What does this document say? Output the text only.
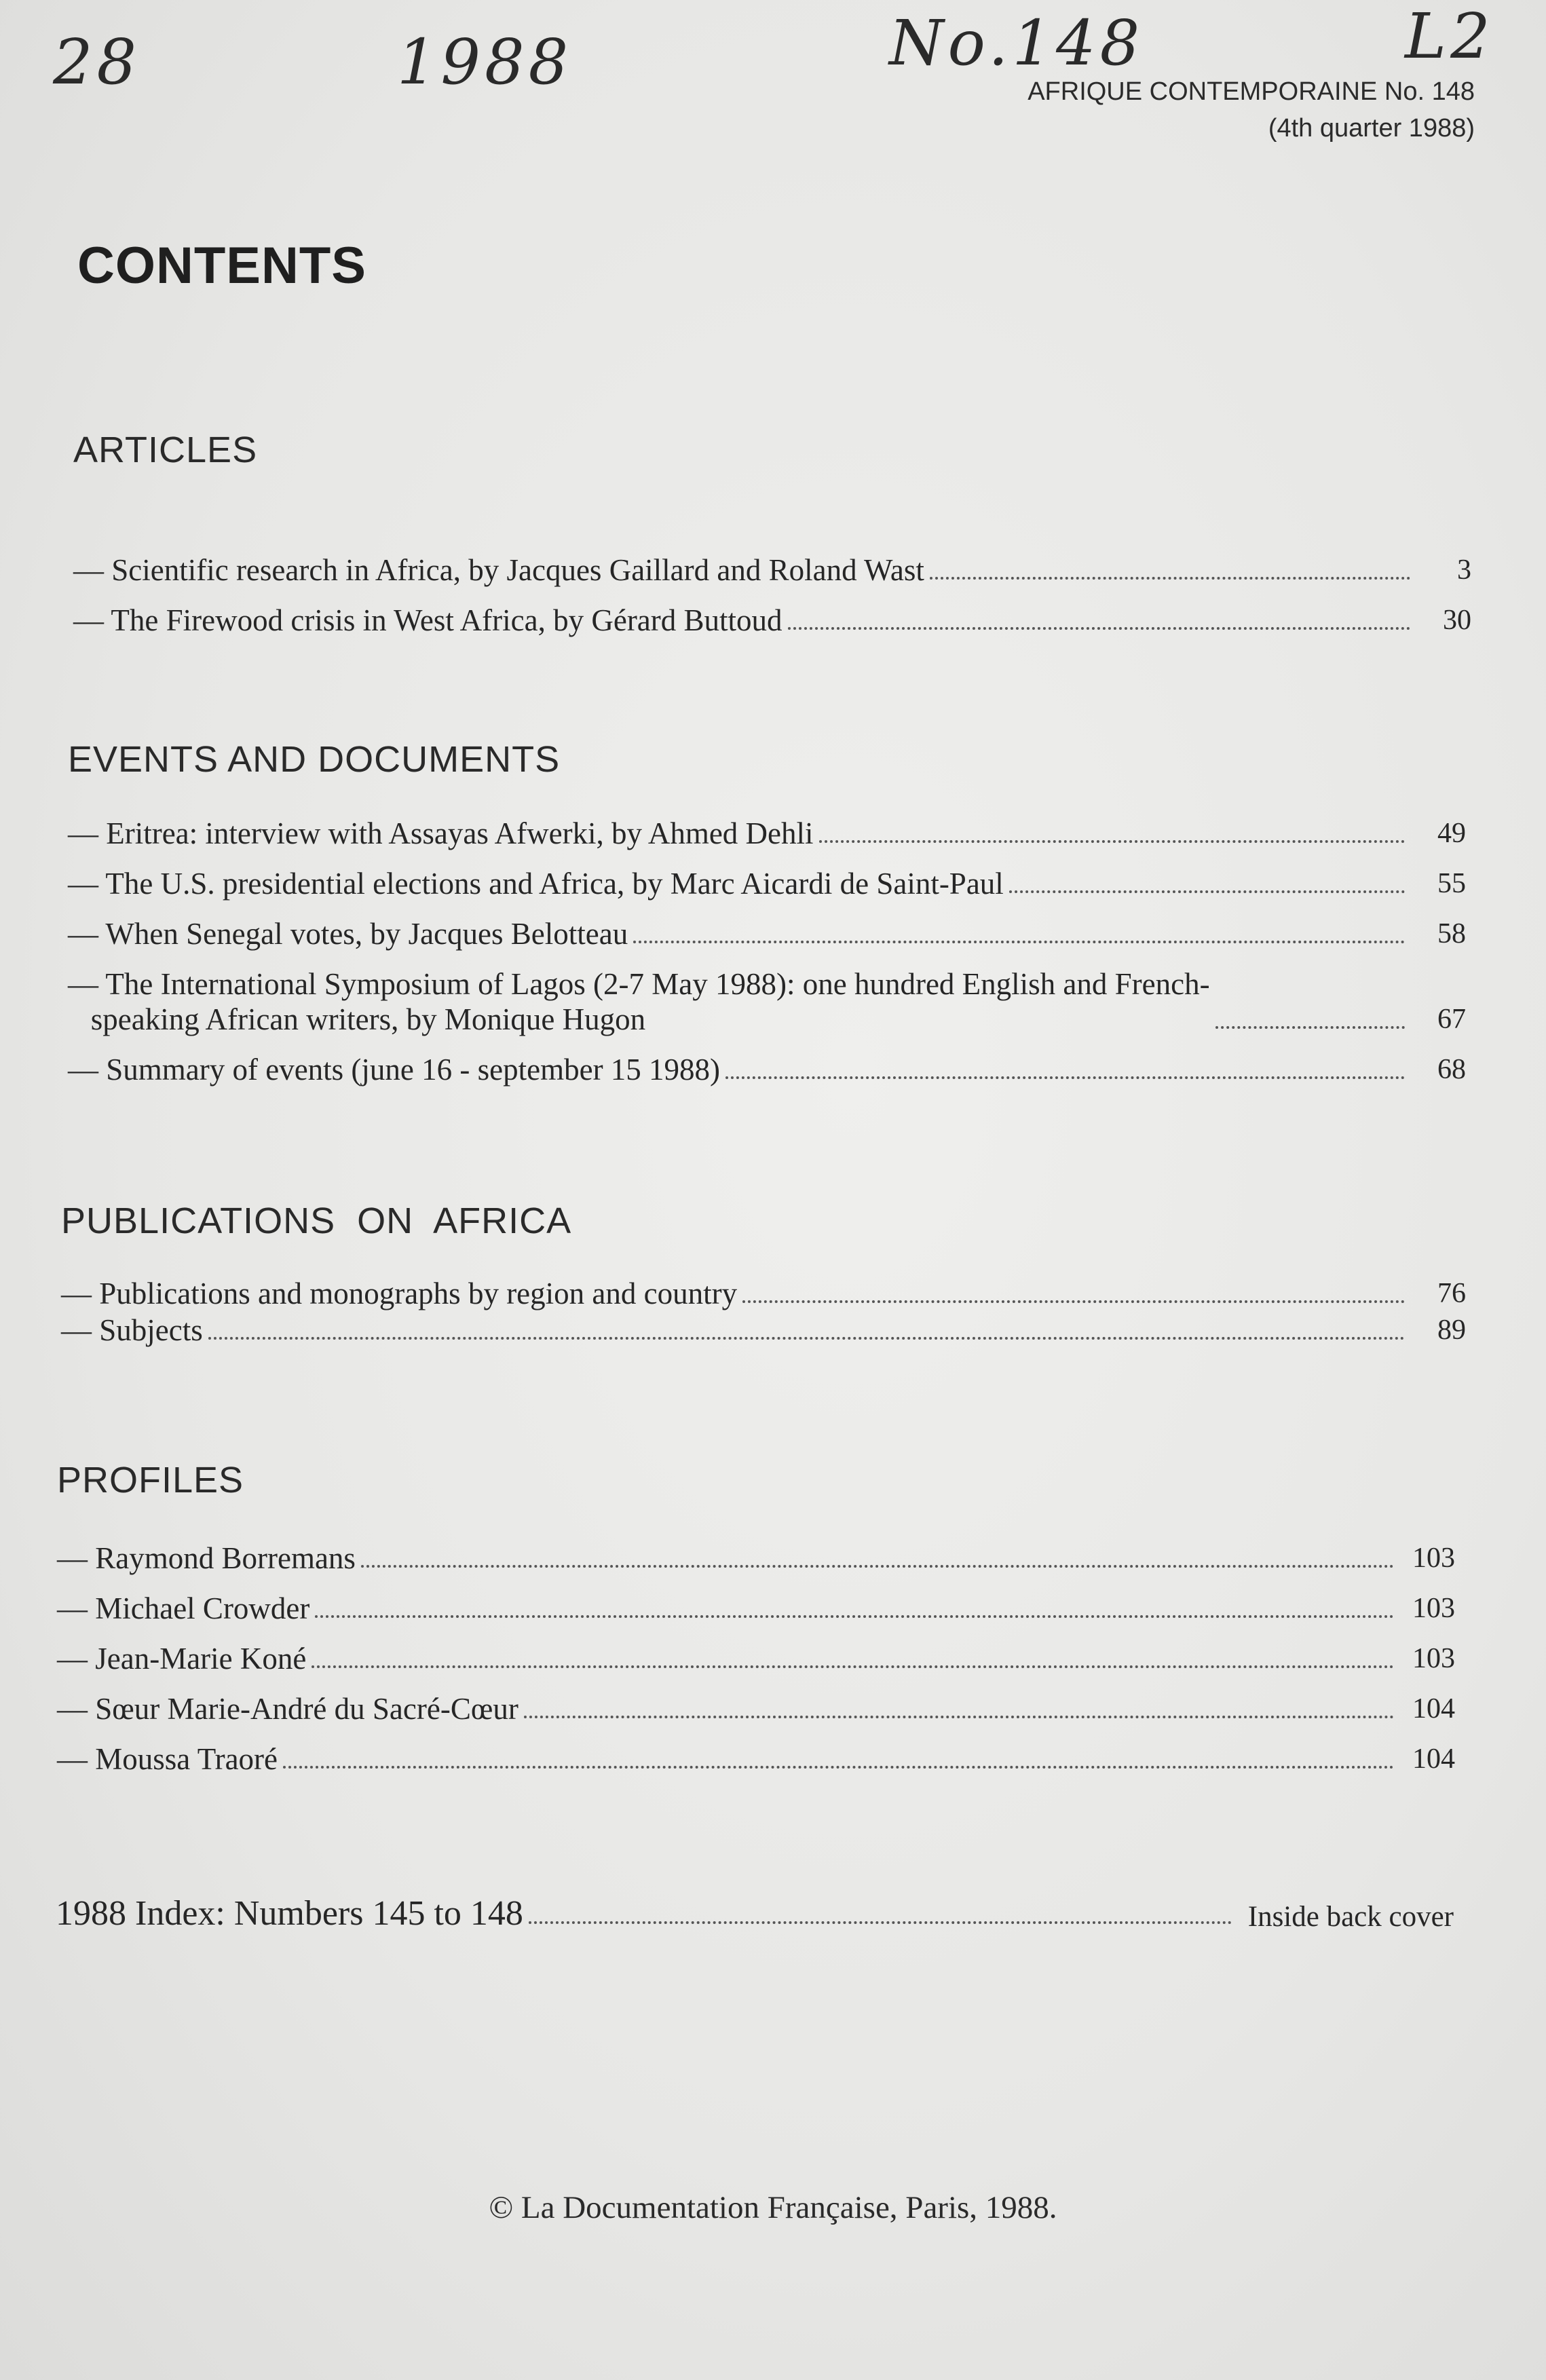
28	1988	No.148	L2
AFRIQUE CONTEMPORAINE No. 148
(4th quarter 1988)
CONTENTS
ARTICLES
— Scientific research in Africa, by Jacques Gaillard and Roland Wast	3
— The Firewood crisis in West Africa, by Gérard Buttoud	30
EVENTS AND DOCUMENTS
— Eritrea: interview with Assayas Afwerki, by Ahmed Dehli	49
— The U.S. presidential elections and Africa, by Marc Aicardi de Saint-Paul	55
— When Senegal votes, by Jacques Belotteau	58
— The International Symposium of Lagos (2-7 May 1988): one hundred English and French-
speaking African writers, by Monique Hugon	67
— Summary of events (june 16 - september 15 1988)	68
PUBLICATIONS  ON  AFRICA
— Publications and monographs by region and country	76
— Subjects	89
PROFILES
— Raymond Borremans	103
— Michael Crowder	103
— Jean-Marie Koné	103
— Sœur Marie-André du Sacré-Cœur	104
— Moussa Traoré	104
1988 Index: Numbers 145 to 148	Inside back cover
© La Documentation Française, Paris, 1988.
